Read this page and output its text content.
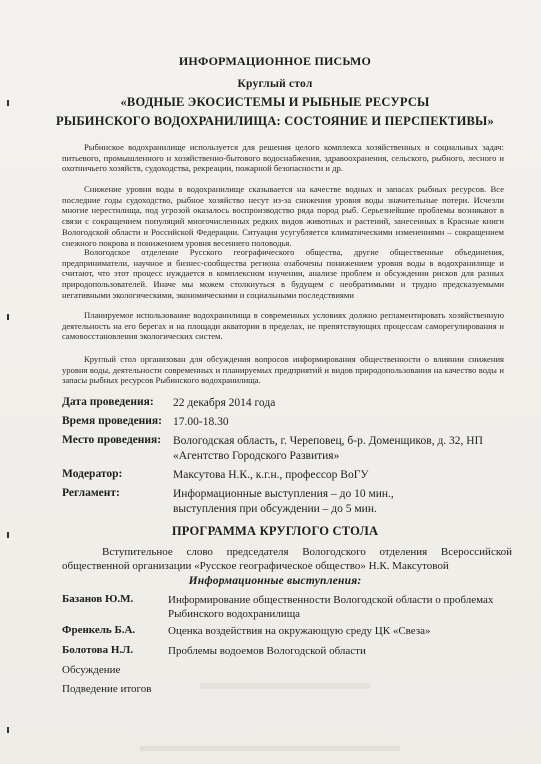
ИНФОРМАЦИОННОЕ ПИСЬМО
Круглый стол
«ВОДНЫЕ ЭКОСИСТЕМЫ И РЫБНЫЕ РЕСУРСЫ
РЫБИНСКОГО ВОДОХРАНИЛИЩА: СОСТОЯНИЕ И ПЕРСПЕКТИВЫ»
Рыбинское водохранилище используется для решения целого комплекса хозяйственных и социальных задач: питьевого, промышленного и хозяйственно-бытового водоснабжения, здравоохранения, сельского, рыбного, лесного и охотничьего хозяйств, судоходства, рекреации, пожарной безопасности и др.
Снижение уровня воды в водохранилище сказывается на качестве водных и запасах рыбных ресурсов. Все последние годы судоходство, рыбное хозяйство несут из-за снижения уровня воды значительные потери. Исчезли многие нерестилища, под угрозой оказалось воспроизводство ряда пород рыб. Серьезнейшие проблемы возникают в связи с сокращением популяций многочисленных редких видов животных и растений, занесенных в Красные книги Вологодской области и Российской Федерации. Ситуация усугубляется климатическими изменениями – сокращением снежного покрова и понижением уровня весеннего половодья.
Вологодское отделение Русского географического общества, другие общественные объединения, предприниматели, научное и бизнес-сообщества региона озабочены понижением уровня воды в водохранилище и считают, что этот процесс нуждается в комплексном изучении, анализе проблем и обсуждении рисков для разных природопользователей. Иначе мы можем столкнуться в будущем с необратимыми и трудно предсказуемыми негативными экологическими, экономическими и социальными последствиями
Планируемое использование водохранилища в современных условиях должно регламентировать хозяйственную деятельность на его берегах и на площади акватории в пределах, не препятствующих процессам саморегулирования и самовосстановления экологических систем.
Круглый стол организован для обсуждения вопросов информирования общественности о влиянии снижения уровня воды, деятельности современных и планируемых предприятий и видов природопользования на качество воды и запасы рыбных ресурсов Рыбинского водохранилища.
Дата проведения: 22 декабря 2014 года
Время проведения: 17.00-18.30
Место проведения: Вологодская область, г. Череповец, б-р. Доменщиков, д. 32, НП «Агентство Городского Развития»
Модератор:	Максутова Н.К., к.г.н., профессор ВоГУ
Регламент:	Информационные выступления – до 10 мин., выступления при обсуждении – до 5 мин.
ПРОГРАММА КРУГЛОГО СТОЛА
Вступительное слово председателя Вологодского отделения Всероссийской общественной организации «Русское географическое общество» Н.К. Максутовой
Информационные выступления:
Базанов Ю.М.	Информирование общественности Вологодской области о проблемах Рыбинского водохранилища
Френкель Б.А.	Оценка воздействия на окружающую среду ЦК «Свеза»
Болотова Н.Л.	Проблемы водоемов Вологодской области
Обсуждение
Подведение итогов
